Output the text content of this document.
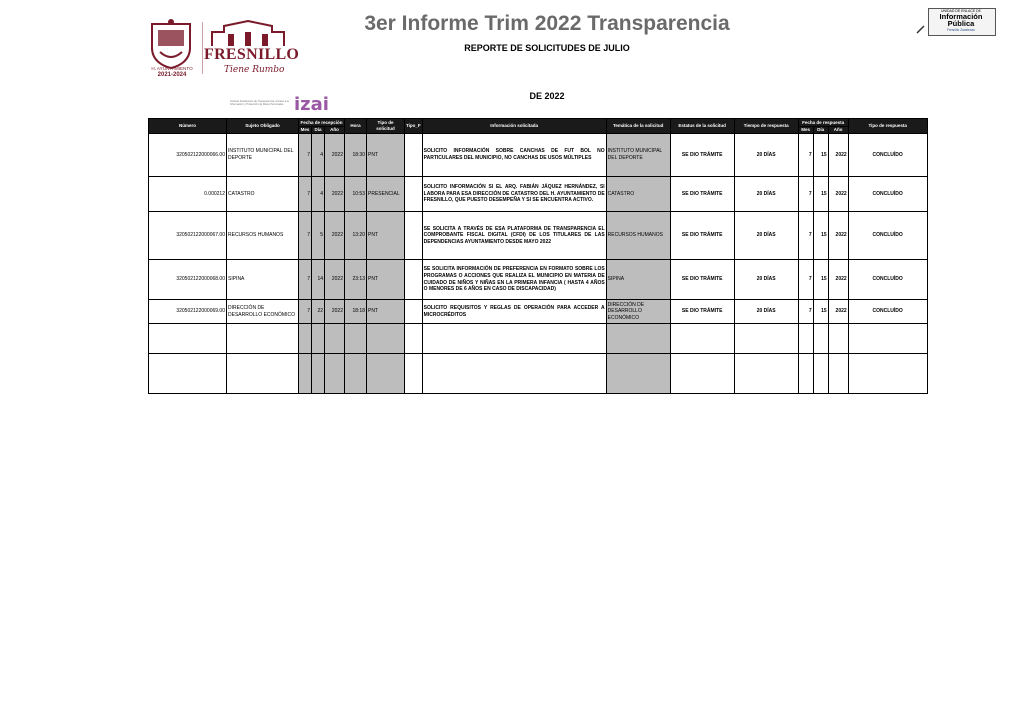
H. AYUNTAMIENTO
2021-2024
FRESNILLO
Tiene Rumbo
3er Informe Trim 2022 Transparencia
REPORTE DE SOLICITUDES DE JULIO
DE 2022
UNIDAD DE ENLACE DE
Información
Pública
Fresnillo Zacatecas
Instituto Zacatecano de Transparencia, Acceso a la Información y Protección de Datos Personales izai
Número	Sujeto Obligado	Fecha de recepción			Hora	Tipo de solicitud	Tipo_F	Información solicitada	Temática de la solicitud	Estatus de la solicitud	Tiempo de respuesta	Fecha de respuesta			Tipo de respuesta
		Mes	Día	Año								Mes	Día	Año	
320502122000066.00	INSTITUTO MUNICIPAL DEL DEPORTE	7	4	2022	18:30	PNT		SOLICITO INFORMACIÓN SOBRE CANCHAS DE FUT BOL NO PARTICULARES DEL MUNICIPIO, NO CANCHAS DE USOS MÚLTIPLES	INSTITUTO MUNICIPAL DEL DEPORTE	SE DIO TRÁMITE	20 DÍAS	7	15	2022	CONCLUÍDO
0.000212	CATASTRO	7	4	2022	10:53	PRESENCIAL		SOLICITO INFORMACIÓN SI EL ARQ. FABIÁN JÁQUEZ HERNÁNDEZ, SI LABORA PARA ESA DIRECCIÓN DE CATASTRO DEL H. AYUNTAMIENTO DE FRESNILLO, QUE PUESTO DESEMPEÑA Y SI SE ENCUENTRA ACTIVO.	CATASTRO	SE DIO TRÁMITE	20 DÍAS	7	15	2022	CONCLUÍDO
320502122000067.00	RECURSOS HUMANOS	7	5	2022	13:20	PNT		SE SOLICITA A TRAVÉS DE ESA PLATAFORMA DE TRANSPARENCIA EL COMPROBANTE FISCAL DIGITAL (CFDI) DE LOS TITULARES DE LAS DEPENDENCIAS AYUNTAMIENTO DESDE MAYO 2022	RECURSOS HUMANOS	SE DIO TRÁMITE	20 DÍAS	7	15	2022	CONCLUÍDO
320502122000068.00	SIPINA	7	14	2022	23:13	PNT		SE SOLICITA INFORMACIÓN DE PREFERENCIA EN FORMATO SOBRE LOS PROGRAMAS O ACCIONES QUE REALIZA EL MUNICIPIO EN MATERIA DE CUIDADO DE NIÑOS Y NIÑAS EN LA PRIMERA INFANCIA ( HASTA 4 AÑOS O MENORES DE 6 AÑOS EN CASO DE DISCAPACIDAD)	SIPINA	SE DIO TRÁMITE	20 DÍAS	7	15	2022	CONCLUÍDO
320502122000069.00	DIRECCIÓN DE DESARROLLO ECONÓMICO	7	22	2022	18:18	PNT		SOLICITO REQUISITOS Y REGLAS DE OPERACIÓN PARA ACCEDER A MICROCRÉDITOS	DIRECCIÓN DE DESARROLLO ECONÓMICO	SE DIO TRÁMITE	20 DÍAS	7	15	2022	CONCLUÍDO
